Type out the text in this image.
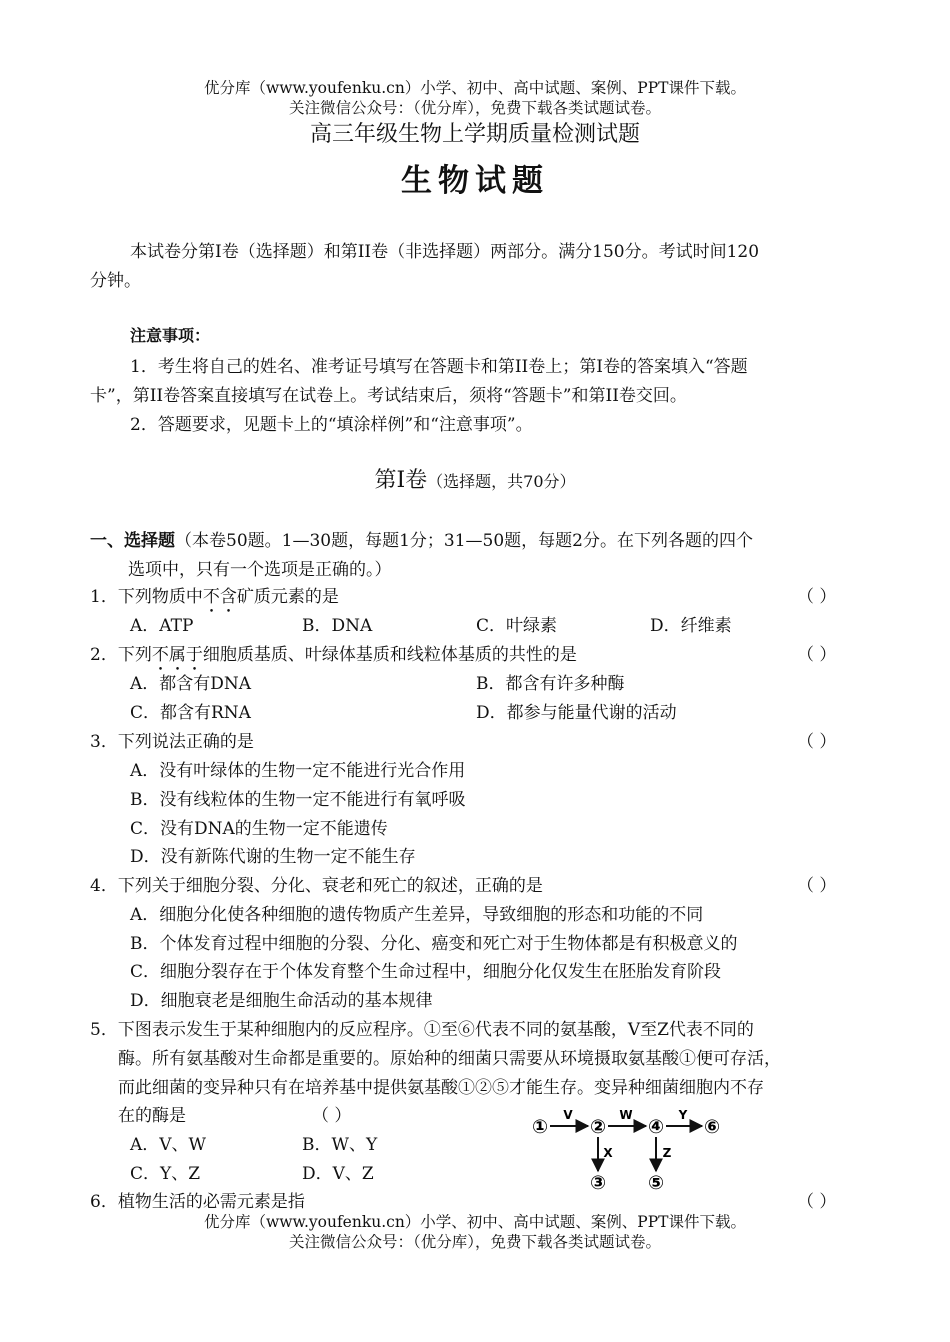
优分库（www.youfenku.cn）小学、初中、高中试题、案例、PPT课件下载。
关注微信公众号：（优分库），免费下载各类试题试卷。
高三年级生物上学期质量检测试题
生物试题
本试卷分第I卷（选择题）和第II卷（非选择题）两部分。满分150分。考试时间120
分钟。
注意事项：
1．考生将自己的姓名、准考证号填写在答题卡和第II卷上；第I卷的答案填入“答题
卡”，第II卷答案直接填写在试卷上。考试结束后，须将“答题卡”和第II卷交回。
2．答题要求，见题卡上的“填涂样例”和“注意事项”。
第I卷（选择题，共70分）
一、选择题（本卷50题。1—30题，每题1分；31—50题，每题2分。在下列各题的四个
选项中，只有一个选项是正确的。）
1．下列物质中不含矿质元素的是	（ ）
A．ATP	B．DNA	C．叶绿素	D．纤维素
2．下列不属于细胞质基质、叶绿体基质和线粒体基质的共性的是	（ ）
A．都含有DNA	B．都含有许多种酶
C．都含有RNA	D．都参与能量代谢的活动
3．下列说法正确的是	（ ）
A．没有叶绿体的生物一定不能进行光合作用
B．没有线粒体的生物一定不能进行有氧呼吸
C．没有DNA的生物一定不能遗传
D．没有新陈代谢的生物一定不能生存
4．下列关于细胞分裂、分化、衰老和死亡的叙述，正确的是	（ ）
A．细胞分化使各种细胞的遗传物质产生差异，导致细胞的形态和功能的不同
B．个体发育过程中细胞的分裂、分化、癌变和死亡对于生物体都是有积极意义的
C．细胞分裂存在于个体发育整个生命过程中，细胞分化仅发生在胚胎发育阶段
D．细胞衰老是细胞生命活动的基本规律
5．下图表示发生于某种细胞内的反应程序。①至⑥代表不同的氨基酸，V至Z代表不同的
酶。所有氨基酸对生命都是重要的。原始种的细菌只需要从环境摄取氨基酸①便可存活，
而此细菌的变异种只有在培养基中提供氨基酸①②⑤才能生存。变异种细菌细胞内不存
在的酶是	（ ）
A．V、W	B．W、Y
C．Y、Z	D．V、Z
① ② ④ ⑥
③ ⑤
V	W	Y
X	Z
6．植物生活的必需元素是指	（ ）
优分库（www.youfenku.cn）小学、初中、高中试题、案例、PPT课件下载。
关注微信公众号：（优分库），免费下载各类试题试卷。
